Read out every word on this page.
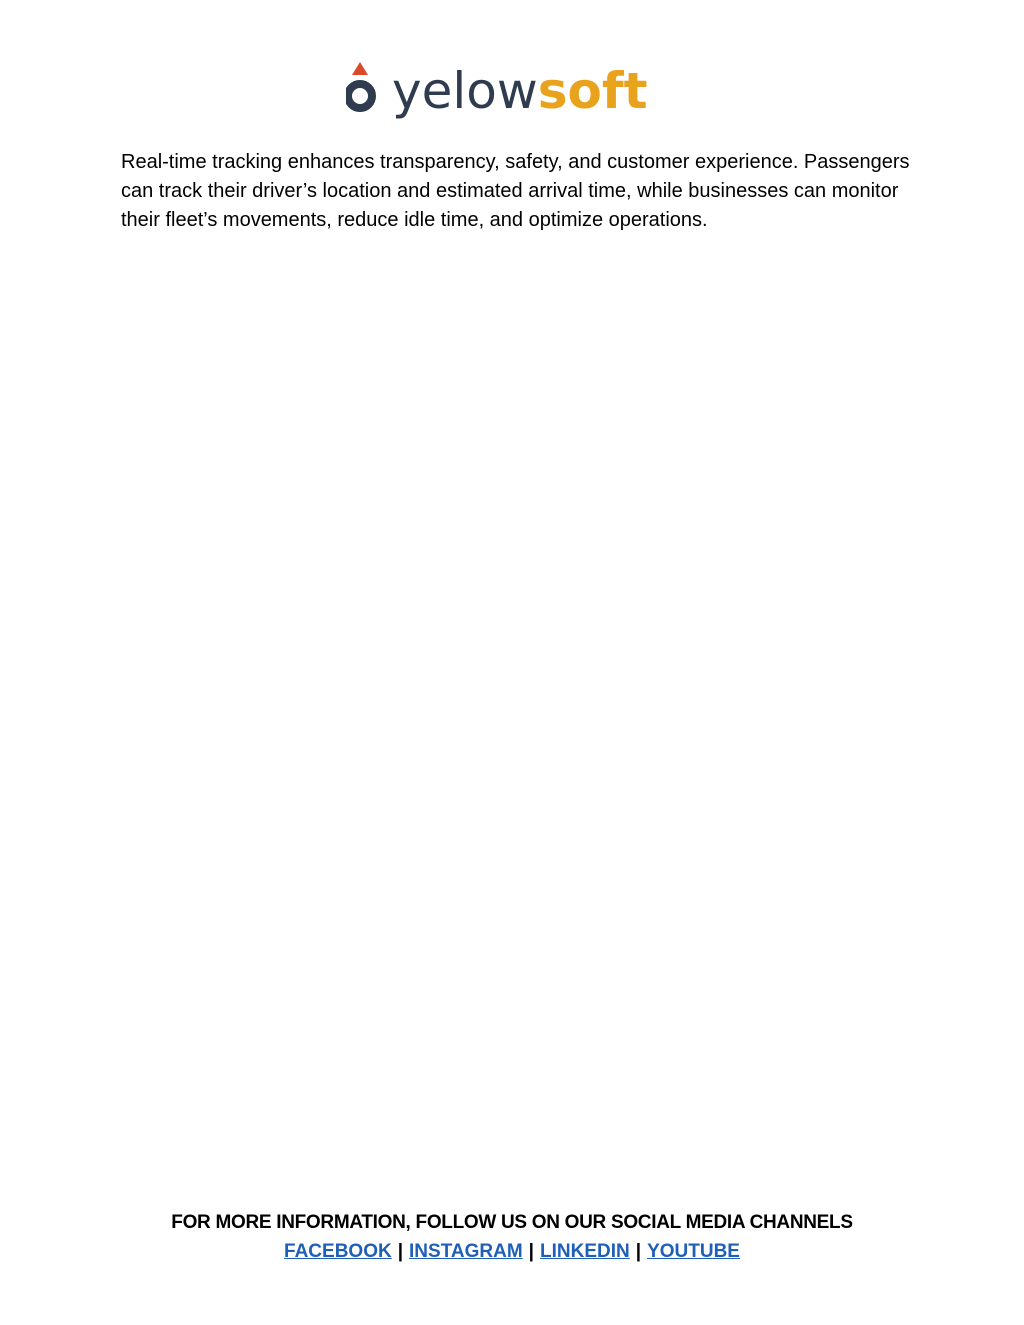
yelowsoft

Real-time tracking enhances transparency, safety, and customer experience. Passengers can track their driver’s location and estimated arrival time, while businesses can monitor their fleet’s movements, reduce idle time, and optimize operations.

FOR MORE INFORMATION, FOLLOW US ON OUR SOCIAL MEDIA CHANNELS
FACEBOOK | INSTAGRAM | LINKEDIN | YOUTUBE
